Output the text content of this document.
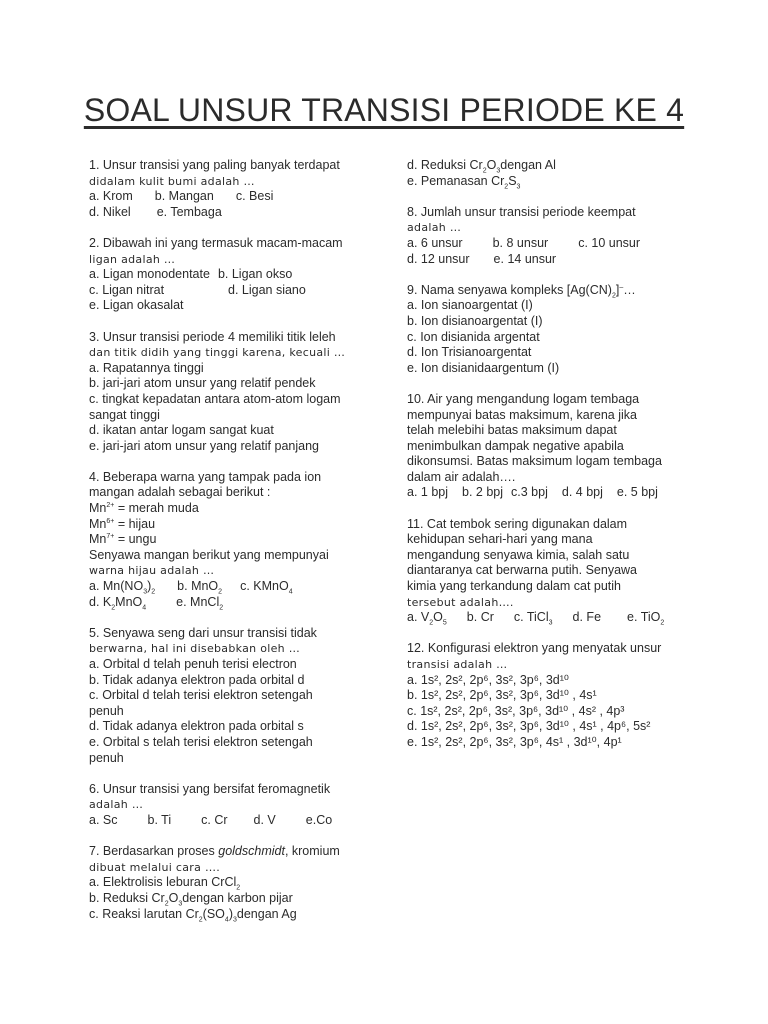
SOAL UNSUR TRANSISI PERIODE KE 4
1. Unsur transisi yang paling banyak terdapat
didalam kulit bumi adalah …
a. Krom b. Mangan c. Besi
d. Nikel e. Tembaga
2. Dibawah ini yang termasuk macam-macam
ligan adalah …
a. Ligan monodentate b. Ligan okso
c. Ligan nitrat	d. Ligan siano
e. Ligan okasalat
3. Unsur transisi periode 4 memiliki titik leleh
dan titik didih yang tinggi karena, kecuali …
a. Rapatannya tinggi
b. jari-jari atom unsur yang relatif pendek
c. tingkat kepadatan antara atom-atom logam sangat tinggi
d. ikatan antar logam sangat kuat
e. jari-jari atom unsur yang relatif panjang
4. Beberapa warna yang tampak pada ion
mangan adalah sebagai berikut :
$Mn^{2+}$ = merah muda
$Mn^{6+}$ = hijau
$Mn^{7+}$ = ungu
Senyawa mangan berikut yang mempunyai
warna hijau adalah …
a. $Mn(NO_3)_2$ b. MnO$_2$ c. KMnO$_4$
d. $K_2MnO_4$ e. MnCl$_2$
5. Senyawa seng dari unsur transisi tidak
berwarna, hal ini disebabkan oleh …
a. Orbital d telah penuh terisi electron
b. Tidak adanya elektron pada orbital d
c. Orbital d telah terisi elektron setengah penuh
d. Tidak adanya elektron pada orbital s
e. Orbital s telah terisi elektron setengah penuh
6. Unsur transisi yang bersifat feromagnetik
adalah …
a. Sc b. Ti c. Cr d. V e.Co
7. Berdasarkan proses goldschmidt, kromium
dibuat melalui cara ….
a. Elektrolisis leburan CrCl$_2$
b. Reduksi $Cr_2O_3dengan$ karbon pijar
c. Reaksi larutan $Cr_2(SO_4)_3dengan$ Ag
d. Reduksi $Cr_2O_3dengan$ Al
e. Pemanasan $Cr_2S_3$
8. Jumlah unsur transisi periode keempat
adalah …
a. 6 unsur b. 8 unsur c. 10 unsur
d. 12 unsur e. 14 unsur
9. Nama senyawa kompleks $[Ag(CN)_2]^-\dots$
a. Ion sianoargentat (I)
b. Ion disianoargentat (I)
c. Ion disianida argentat
d. Ion Trisianoargentat
e. Ion disianidaargentum (I)
10. Air yang mengandung logam tembaga
mempunyai batas maksimum, karena jika
telah melebihi batas maksimum dapat
menimbulkan dampak negative apabila
dikonsumsi. Batas maksimum logam tembaga
dalam air adalah….
a. 1 bpj b. 2 bpj c.3 bpj d. 4 bpj e. 5 bpj
11. Cat tembok sering digunakan dalam
kehidupan sehari-hari yang mana
mengandung senyawa kimia, salah satu
diantaranya cat berwarna putih. Senyawa
kimia yang terkandung dalam cat putih
tersebut adalah….
a. $V_2O_5$ b. Cr c. TiCl$_3$ d. Fe e. TiO$_2$
12. Konfigurasi elektron yang menyatak unsur
transisi adalah …
a. 1s², 2s², 2p⁶, 3s², 3p⁶, 3d¹⁰
b. 1s², 2s², 2p⁶, 3s², 3p⁶, 3d¹⁰ , 4s¹
c. 1s², 2s², 2p⁶, 3s², 3p⁶, 3d¹⁰ , 4s² , 4p³
d. 1s², 2s², 2p⁶, 3s², 3p⁶, 3d¹⁰ , 4s¹ , 4p⁶, 5s²
e. 1s², 2s², 2p⁶, 3s², 3p⁶, 4s¹ , 3d¹⁰, 4p¹
